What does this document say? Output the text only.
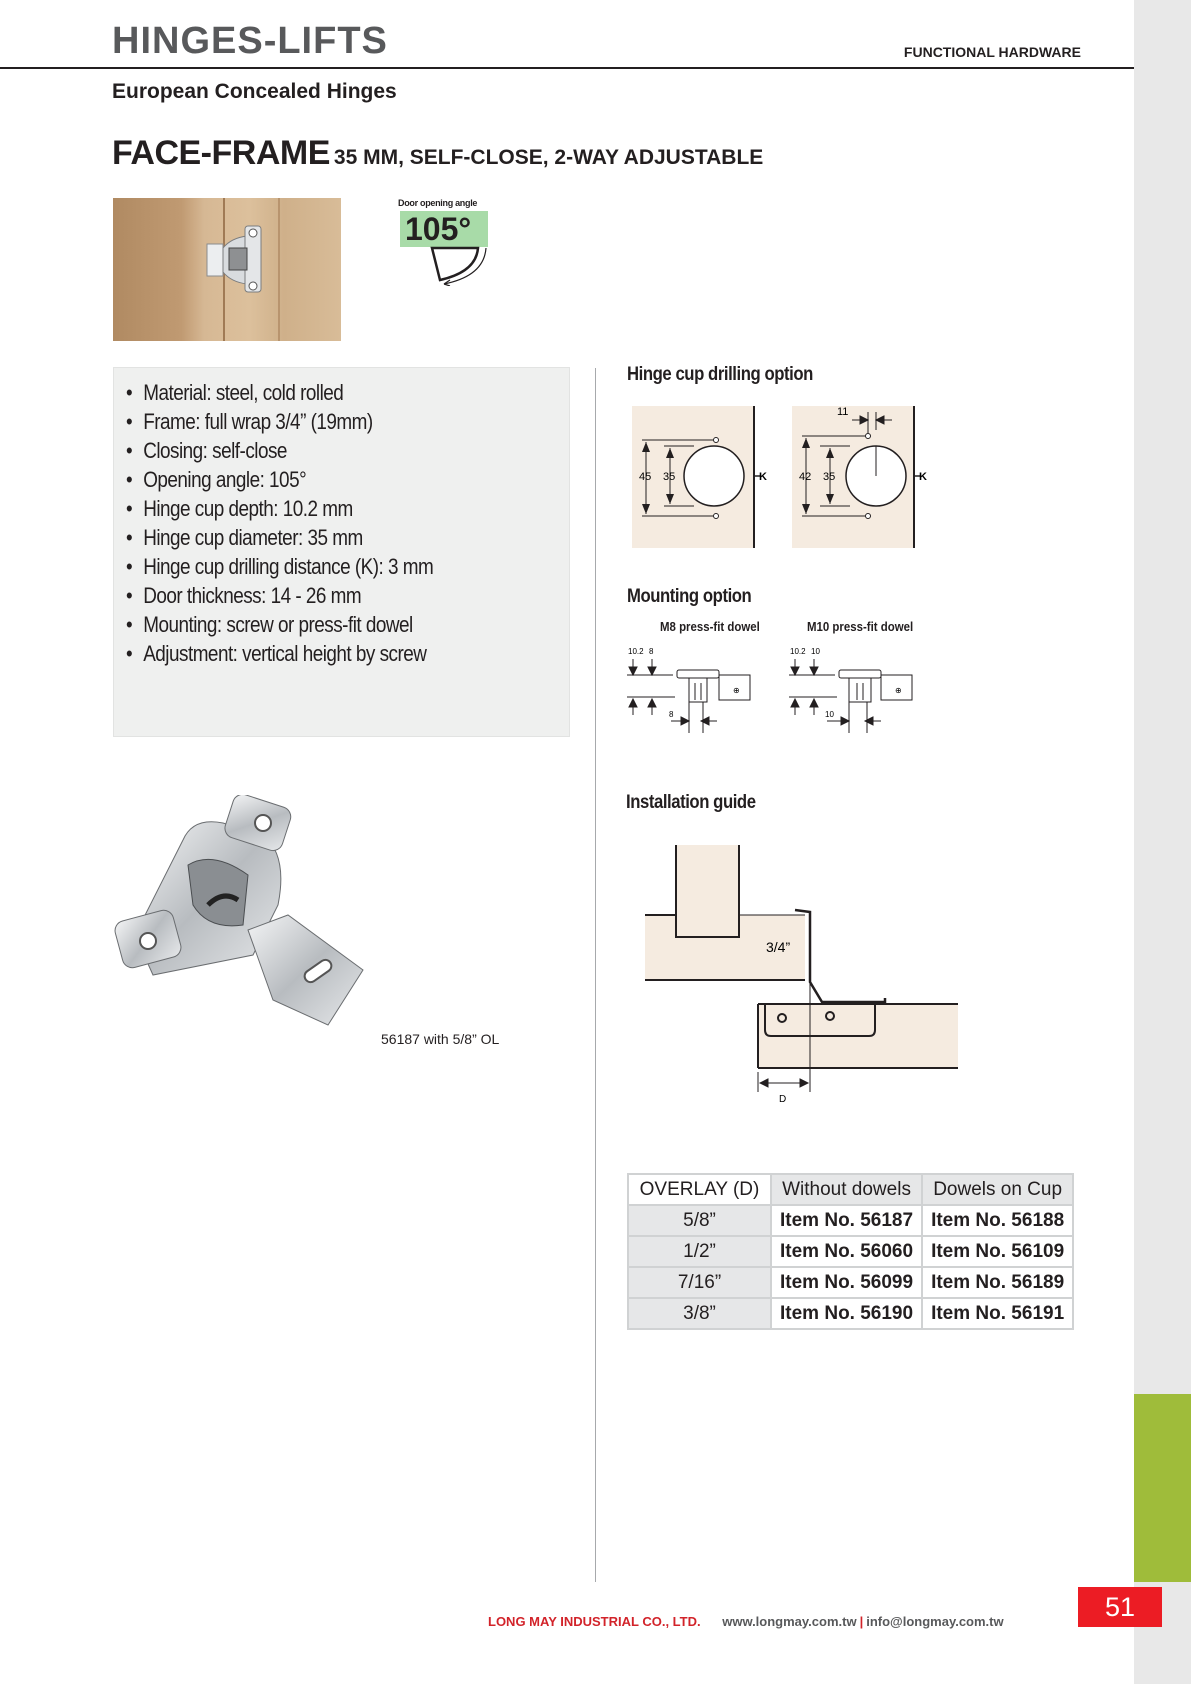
51
HINGES-LIFTS	FUNCTIONAL HARDWARE
European Concealed Hinges
FACE-FRAME 35 MM, SELF-CLOSE, 2-WAY ADJUSTABLE
Door opening angle
105°
• Material: steel, cold rolled
• Frame: full wrap 3/4” (19mm)
• Closing: self-close
• Opening angle: 105°
• Hinge cup depth: 10.2 mm
• Hinge cup diameter: 35 mm
• Hinge cup drilling distance (K): 3 mm
• Door thickness: 14 - 26 mm
• Mounting: screw or press-fit dowel
• Adjustment: vertical height by screw
Hinge cup drilling option
45 35	K	42 35
11
K
Mounting option
M8 press-fit dowel	M10 press-fit dowel
10.2 8
⊕
8
10.2 10
⊕
10
Installation guide
3/4”
D
56187 with 5/8” OL
OVERLAY (D)	Without dowels	Dowels on Cup
5/8”	Item No. 56187	Item No. 56188
1/2”	Item No. 56060	Item No. 56109
7/16”	Item No. 56099	Item No. 56189
3/8”	Item No. 56190	Item No. 56191
LONG MAY INDUSTRIAL CO., LTD. www.longmay.com.tw | info@longmay.com.tw
